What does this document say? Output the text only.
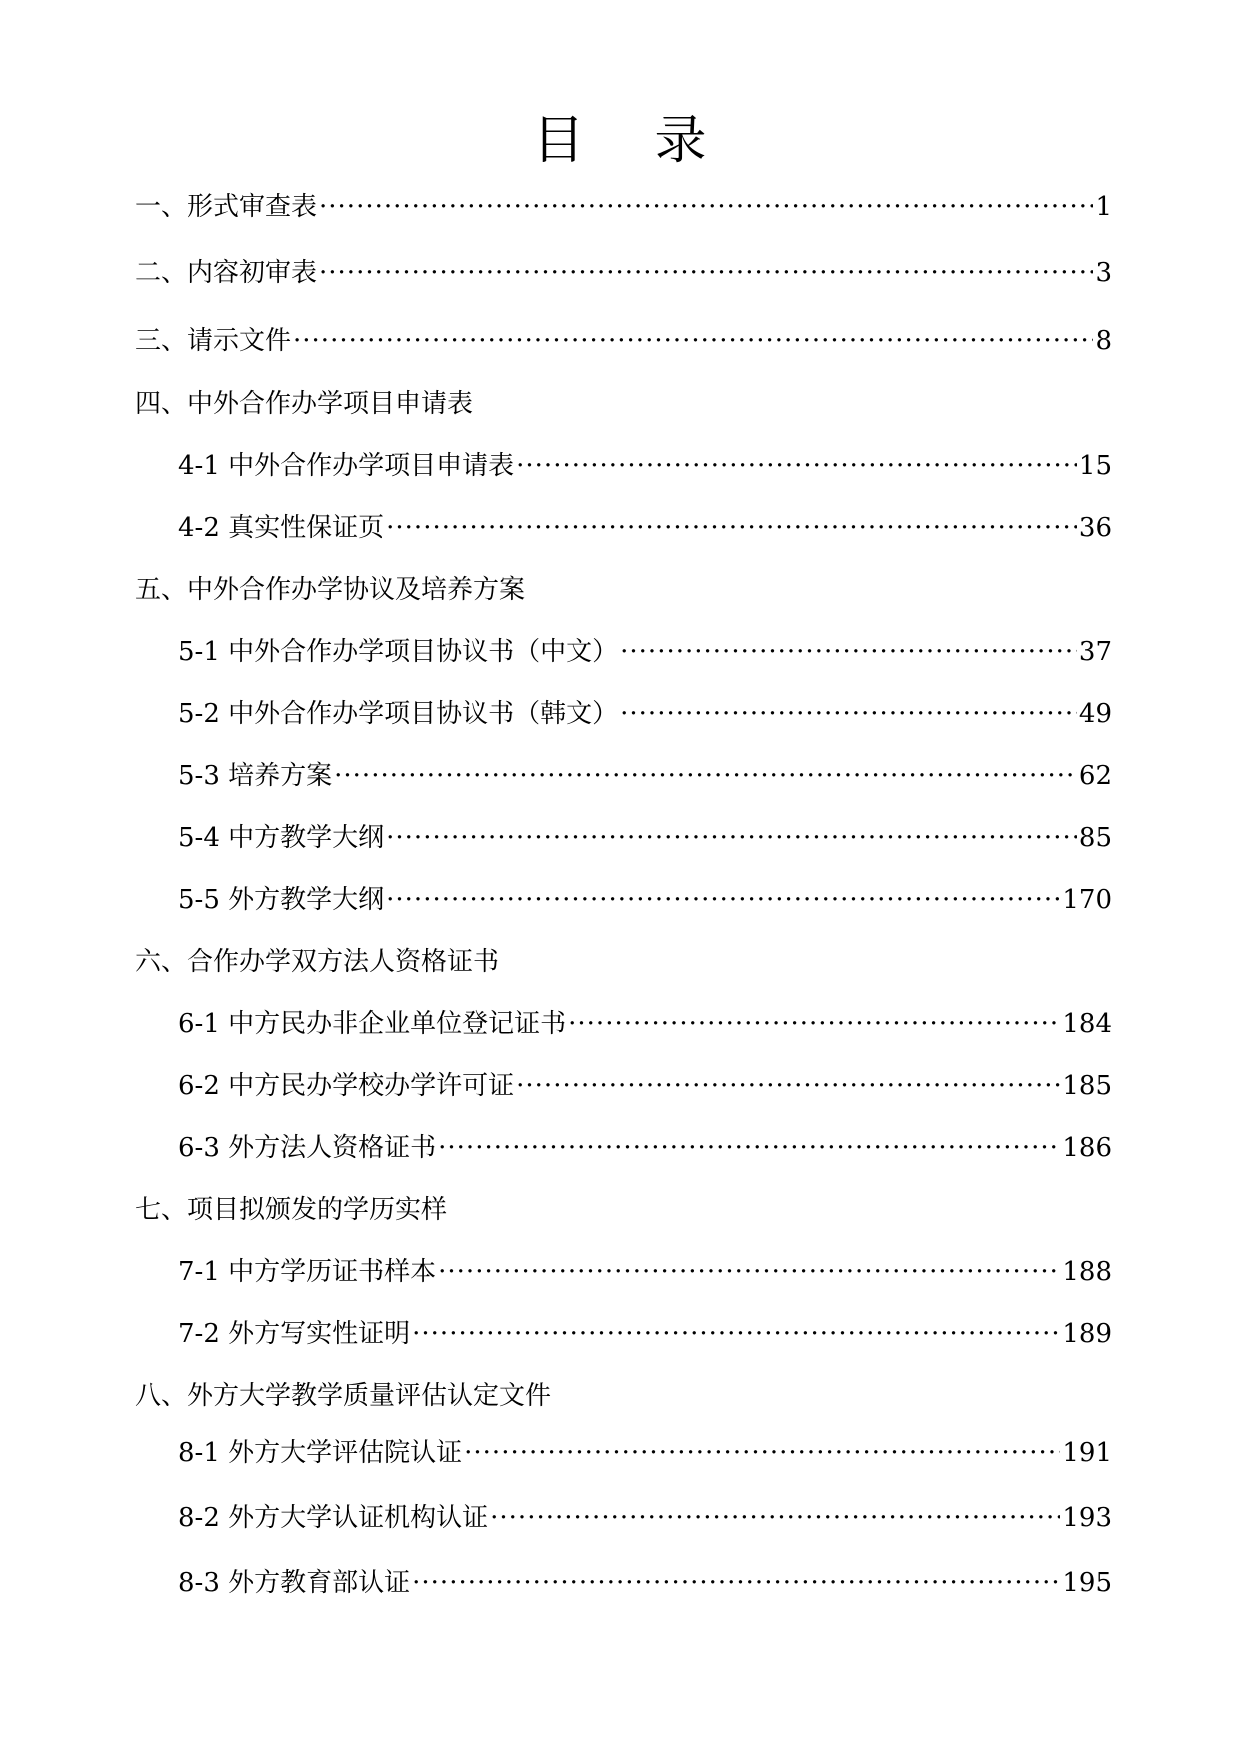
目录
一、形式审查表 ·····	1
二、内容初审表 ·····	3
三、请示文件 ·····	8
四、中外合作办学项目申请表
4-1 中外合作办学项目申请表 ·····	15
4-2 真实性保证页 ·····	36
五、中外合作办学协议及培养方案
5-1 中外合作办学项目协议书（中文） ·····	37
5-2 中外合作办学项目协议书（韩文） ·····	49
5-3 培养方案 ·····	62
5-4 中方教学大纲 ·····	85
5-5 外方教学大纲 ·····	170
六、合作办学双方法人资格证书
6-1 中方民办非企业单位登记证书 ·····	184
6-2 中方民办学校办学许可证 ·····	185
6-3 外方法人资格证书 ·····	186
七、项目拟颁发的学历实样
7-1 中方学历证书样本 ·····	188
7-2 外方写实性证明 ·····	189
八、外方大学教学质量评估认定文件
8-1 外方大学评估院认证 ·····	191
8-2 外方大学认证机构认证 ·····	193
8-3 外方教育部认证 ·····	195
